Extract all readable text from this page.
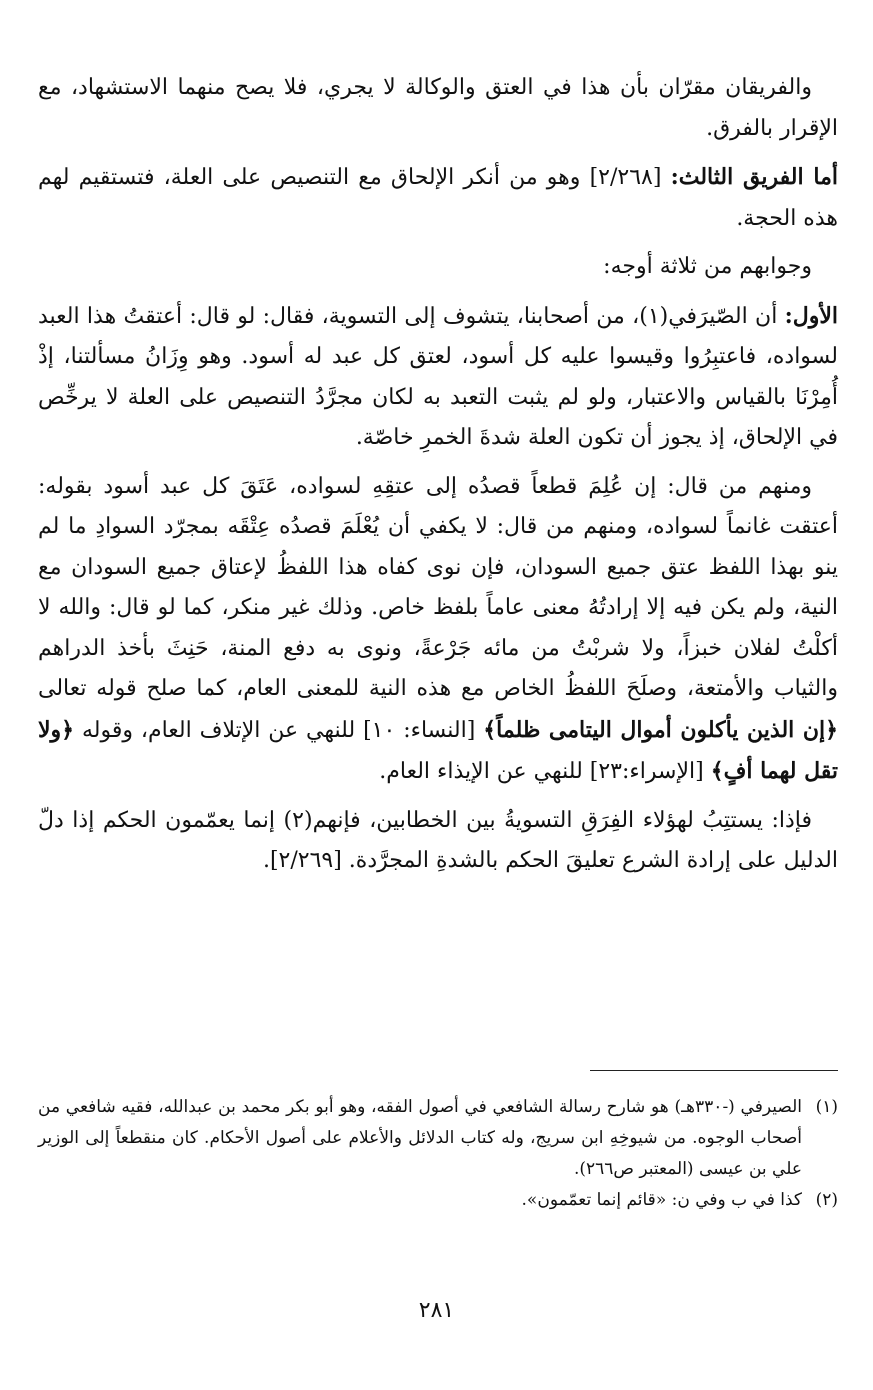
والفريقان مقرّان بأن هذا في العتق والوكالة لا يجري، فلا يصح منهما الاستشهاد، مع الإقرار بالفرق.

أما الفريق الثالث: [٢/٢٦٨] وهو من أنكر الإلحاق مع التنصيص على العلة، فتستقيم لهم هذه الحجة.

وجوابهم من ثلاثة أوجه:

الأول: أن الصّيرَفي(١)، من أصحابنا، يتشوف إلى التسوية، فقال: لو قال: أعتقتُ هذا العبد لسواده، فاعتبِرُوا وقيسوا عليه كل أسود، لعتق كل عبد له أسود. وهو وِزَانُ مسألتنا، إذْ أُمِرْنَا بالقياس والاعتبار، ولو لم يثبت التعبد به لكان مجرَّدُ التنصيص على العلة لا يرخِّص في الإلحاق، إذ يجوز أن تكون العلة شدةَ الخمرِ خاصّة.

ومنهم من قال: إن عُلِمَ قطعاً قصدُه إلى عتقِهِ لسواده، عَتَقَ كل عبد أسود بقوله: أعتقت غانماً لسواده، ومنهم من قال: لا يكفي أن يُعْلَمَ قصدُه عِتْقَه بمجرّد السوادِ ما لم ينو بهذا اللفظ عتق جميع السودان، فإن نوى كفاه هذا اللفظُ لإعتاق جميع السودان مع النية، ولم يكن فيه إلا إرادتُهُ معنى عاماً بلفظ خاص. وذلك غير منكر، كما لو قال: والله لا أكلْتُ لفلان خبزاً، ولا شربْتُ من مائه جَرْعةً، ونوى به دفع المنة، حَنِثَ بأخذ الدراهم والثياب والأمتعة، وصلَحَ اللفظُ الخاص مع هذه النية للمعنى العام، كما صلح قوله تعالى ﴿إن الذين يأكلون أموال اليتامى ظلماً﴾ [النساء: ١٠] للنهي عن الإتلاف العام، وقوله ﴿ولا تقل لهما أفٍ﴾ [الإسراء:٢٣] للنهي عن الإيذاء العام.

فإذا: يستتِبُ لهؤلاء الفِرَقِ التسويةُ بين الخطابين، فإنهم(٢) إنما يعمّمون الحكم إذا دلّ الدليل على إرادة الشرع تعليقَ الحكم بالشدةِ المجرَّدة. [٢/٢٦٩].

(١)
الصيرفي (-٣٣٠هـ) هو شارح رسالة الشافعي في أصول الفقه، وهو أبو بكر محمد بن عبدالله، فقيه شافعي من أصحاب الوجوه. من شيوخِهِ ابن سريج، وله كتاب الدلائل والأعلام على أصول الأحكام. كان منقطعاً إلى الوزير علي بن عيسى (المعتبر ص٢٦٦).
(٢)
كذا في ب وفي ن: «قائم إنما تعمّمون».
٢٨١
